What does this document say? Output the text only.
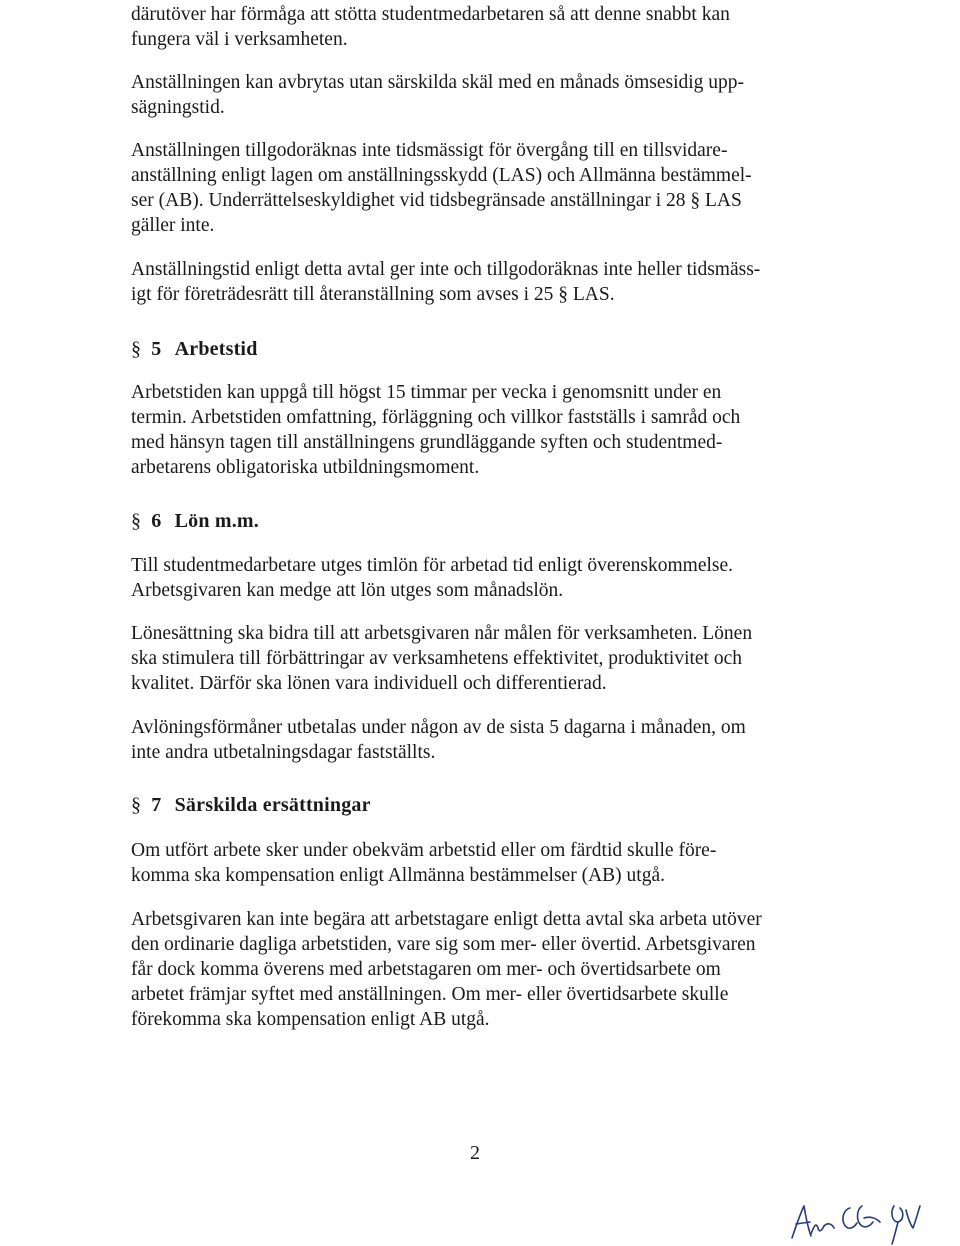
därutöver har förmåga att stötta studentmedarbetaren så att denne snabbt kan
fungera väl i verksamheten.

Anställningen kan avbrytas utan särskilda skäl med en månads ömsesidig upp-
sägningstid.

Anställningen tillgodoräknas inte tidsmässigt för övergång till en tillsvidare-
anställning enligt lagen om anställningsskydd (LAS) och Allmänna bestämmel-
ser (AB). Underrättelseskyldighet vid tidsbegränsade anställningar i 28 § LAS
gäller inte.

Anställningstid enligt detta avtal ger inte och tillgodoräknas inte heller tidsmäss-
igt för företrädesrätt till återanställning som avses i 25 § LAS.

§ 5 Arbetstid

Arbetstiden kan uppgå till högst 15 timmar per vecka i genomsnitt under en
termin. Arbetstiden omfattning, förläggning och villkor fastställs i samråd och
med hänsyn tagen till anställningens grundläggande syften och studentmed-
arbetarens obligatoriska utbildningsmoment.

§ 6 Lön m.m.

Till studentmedarbetare utges timlön för arbetad tid enligt överenskommelse.
Arbetsgivaren kan medge att lön utges som månadslön.

Lönesättning ska bidra till att arbetsgivaren når målen för verksamheten. Lönen
ska stimulera till förbättringar av verksamhetens effektivitet, produktivitet och
kvalitet. Därför ska lönen vara individuell och differentierad.

Avlöningsförmåner utbetalas under någon av de sista 5 dagarna i månaden, om
inte andra utbetalningsdagar fastställts.

§ 7 Särskilda ersättningar

Om utfört arbete sker under obekväm arbetstid eller om färdtid skulle före-
komma ska kompensation enligt Allmänna bestämmelser (AB) utgå.

Arbetsgivaren kan inte begära att arbetstagare enligt detta avtal ska arbeta utöver
den ordinarie dagliga arbetstiden, vare sig som mer- eller övertid. Arbetsgivaren
får dock komma överens med arbetstagaren om mer- och övertidsarbete om
arbetet främjar syftet med anställningen. Om mer- eller övertidsarbete skulle
förekomma ska kompensation enligt AB utgå.

2
